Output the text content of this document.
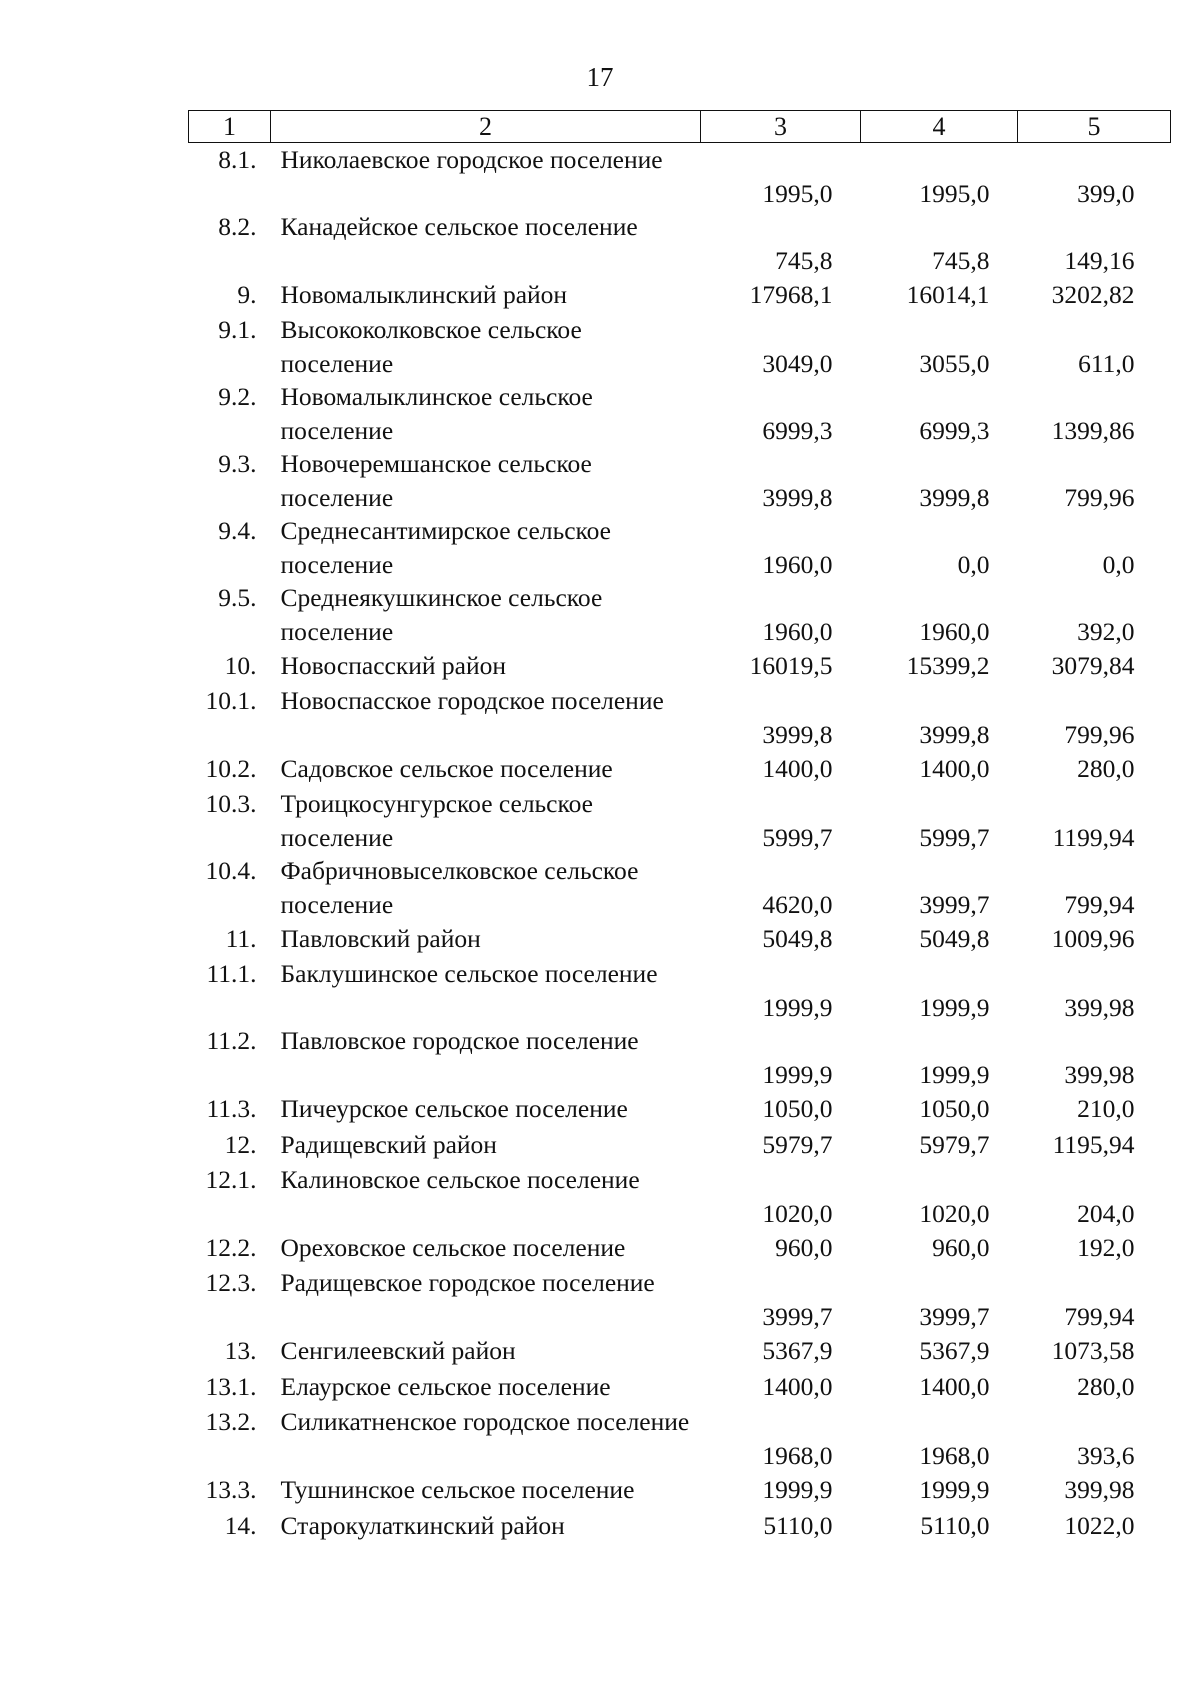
17
1	2	3	4	5
8.1.	Николаевское городское поселение	1995,0	1995,0	399,0
8.2.	Канадейское сельское поселение	745,8	745,8	149,16
9.	Новомалыклинский район	17968,1	16014,1	3202,82
9.1.	Высококолковское сельское поселение	3049,0	3055,0	611,0
9.2.	Новомалыклинское сельское поселение	6999,3	6999,3	1399,86
9.3.	Новочеремшанское сельское поселение	3999,8	3999,8	799,96
9.4.	Среднесантимирское сельское поселение	1960,0	0,0	0,0
9.5.	Среднеякушкинское сельское поселение	1960,0	1960,0	392,0
10.	Новоспасский район	16019,5	15399,2	3079,84
10.1.	Новоспасское городское поселение	3999,8	3999,8	799,96
10.2.	Садовское сельское поселение	1400,0	1400,0	280,0
10.3.	Троицкосунгурское сельское поселение	5999,7	5999,7	1199,94
10.4.	Фабричновыселковское сельское поселение	4620,0	3999,7	799,94
11.	Павловский район	5049,8	5049,8	1009,96
11.1.	Баклушинское сельское поселение	1999,9	1999,9	399,98
11.2.	Павловское городское поселение	1999,9	1999,9	399,98
11.3.	Пичеурское сельское поселение	1050,0	1050,0	210,0
12.	Радищевский район	5979,7	5979,7	1195,94
12.1.	Калиновское сельское поселение	1020,0	1020,0	204,0
12.2.	Ореховское сельское поселение	960,0	960,0	192,0
12.3.	Радищевское городское поселение	3999,7	3999,7	799,94
13.	Сенгилеевский район	5367,9	5367,9	1073,58
13.1.	Елаурское сельское поселение	1400,0	1400,0	280,0
13.2.	Силикатненское городское поселение	1968,0	1968,0	393,6
13.3.	Тушнинское сельское поселение	1999,9	1999,9	399,98
14.	Старокулаткинский район	5110,0	5110,0	1022,0
